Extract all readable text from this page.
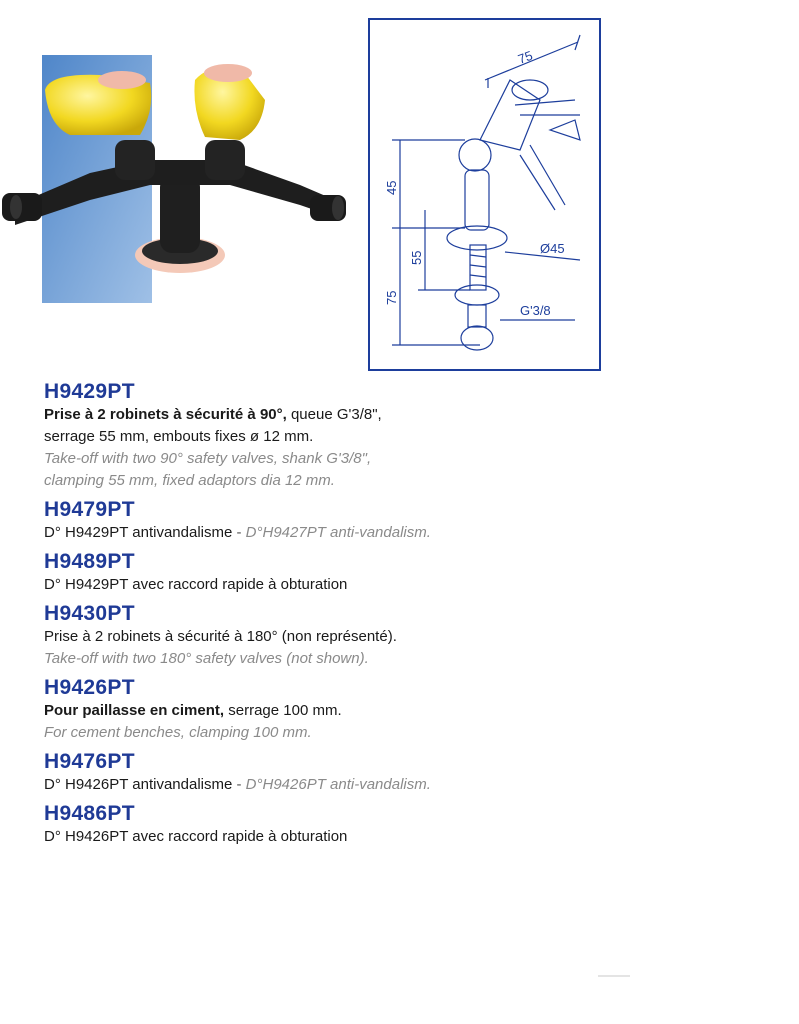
75
45
55
75
Ø45
G'3/8
H9429PT
Prise à 2 robinets à sécurité à 90°, queue G'3/8",
serrage 55 mm, embouts fixes ø 12 mm.
Take-off with two 90° safety valves, shank G'3/8",
clamping 55 mm, fixed adaptors dia 12 mm.
H9479PT
D° H9429PT antivandalisme - D°H9427PT anti-vandalism.
H9489PT
D° H9429PT avec raccord rapide à obturation
H9430PT
Prise à 2 robinets à sécurité à 180° (non représenté).
Take-off with two 180° safety valves (not shown).
H9426PT
Pour paillasse en ciment, serrage 100 mm.
For cement benches, clamping 100 mm.
H9476PT
D° H9426PT antivandalisme - D°H9426PT anti-vandalism.
H9486PT
D° H9426PT avec raccord rapide à obturation
